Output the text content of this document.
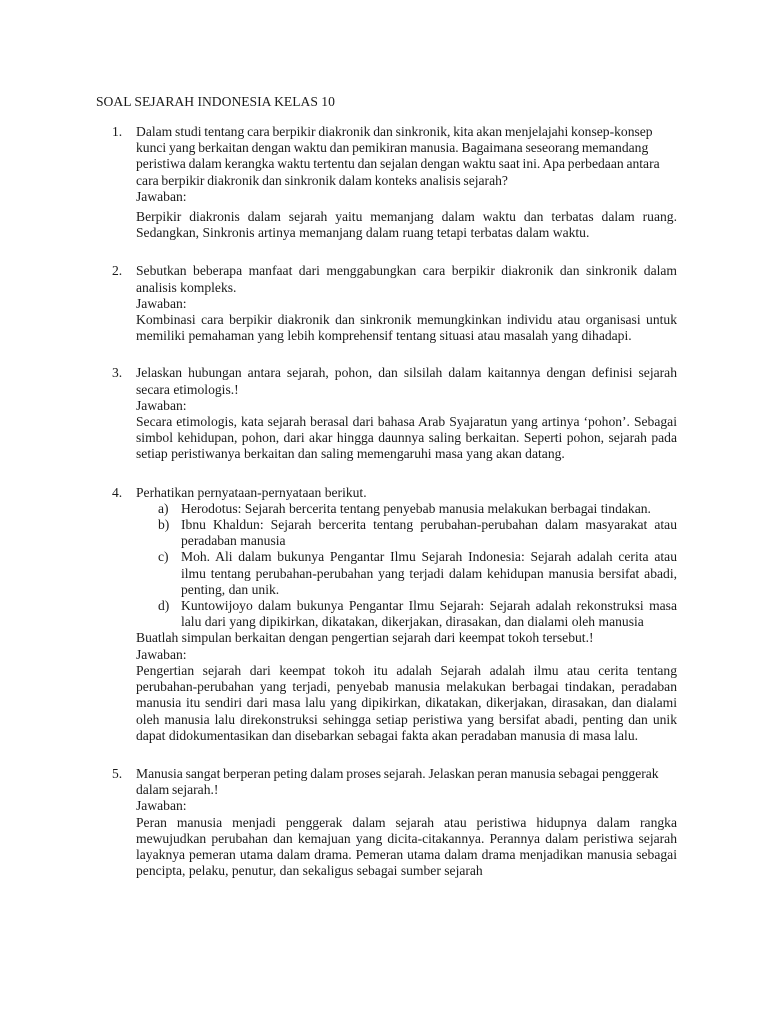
SOAL SEJARAH INDONESIA KELAS 10
1. Dalam studi tentang cara berpikir diakronik dan sinkronik, kita akan menjelajahi konsep-konsep kunci yang berkaitan dengan waktu dan pemikiran manusia. Bagaimana seseorang memandang peristiwa dalam kerangka waktu tertentu dan sejalan dengan waktu saat ini. Apa perbedaan antara cara berpikir diakronik dan sinkronik dalam konteks analisis sejarah?
Jawaban:
Berpikir diakronis dalam sejarah yaitu memanjang dalam waktu dan terbatas dalam ruang. Sedangkan, Sinkronis artinya memanjang dalam ruang tetapi terbatas dalam waktu.
2. Sebutkan beberapa manfaat dari menggabungkan cara berpikir diakronik dan sinkronik dalam analisis kompleks.
Jawaban:
Kombinasi cara berpikir diakronik dan sinkronik memungkinkan individu atau organisasi untuk memiliki pemahaman yang lebih komprehensif tentang situasi atau masalah yang dihadapi.
3. Jelaskan hubungan antara sejarah, pohon, dan silsilah dalam kaitannya dengan definisi sejarah secara etimologis.!
Jawaban:
Secara etimologis, kata sejarah berasal dari bahasa Arab Syajaratun yang artinya ‘pohon’. Sebagai simbol kehidupan, pohon, dari akar hingga daunnya saling berkaitan. Seperti pohon, sejarah pada setiap peristiwanya berkaitan dan saling memengaruhi masa yang akan datang.
4. Perhatikan pernyataan-pernyataan berikut.
a) Herodotus: Sejarah bercerita tentang penyebab manusia melakukan berbagai tindakan.
b) Ibnu Khaldun: Sejarah bercerita tentang perubahan-perubahan dalam masyarakat atau peradaban manusia
c) Moh. Ali dalam bukunya Pengantar Ilmu Sejarah Indonesia: Sejarah adalah cerita atau ilmu tentang perubahan-perubahan yang terjadi dalam kehidupan manusia bersifat abadi, penting, dan unik.
d) Kuntowijoyo dalam bukunya Pengantar Ilmu Sejarah: Sejarah adalah rekonstruksi masa lalu dari yang dipikirkan, dikatakan, dikerjakan, dirasakan, dan dialami oleh manusia
Buatlah simpulan berkaitan dengan pengertian sejarah dari keempat tokoh tersebut.!
Jawaban:
Pengertian sejarah dari keempat tokoh itu adalah Sejarah adalah ilmu atau cerita tentang perubahan-perubahan yang terjadi, penyebab manusia melakukan berbagai tindakan, peradaban manusia itu sendiri dari masa lalu yang dipikirkan, dikatakan, dikerjakan, dirasakan, dan dialami oleh manusia lalu direkonstruksi sehingga setiap peristiwa yang bersifat abadi, penting dan unik dapat didokumentasikan dan disebarkan sebagai fakta akan peradaban manusia di masa lalu.
5. Manusia sangat berperan peting dalam proses sejarah. Jelaskan peran manusia sebagai penggerak dalam sejarah.!
Jawaban:
Peran manusia menjadi penggerak dalam sejarah atau peristiwa hidupnya dalam rangka mewujudkan perubahan dan kemajuan yang dicita-citakannya. Perannya dalam peristiwa sejarah layaknya pemeran utama dalam drama. Pemeran utama dalam drama menjadikan manusia sebagai pencipta, pelaku, penutur, dan sekaligus sebagai sumber sejarah
